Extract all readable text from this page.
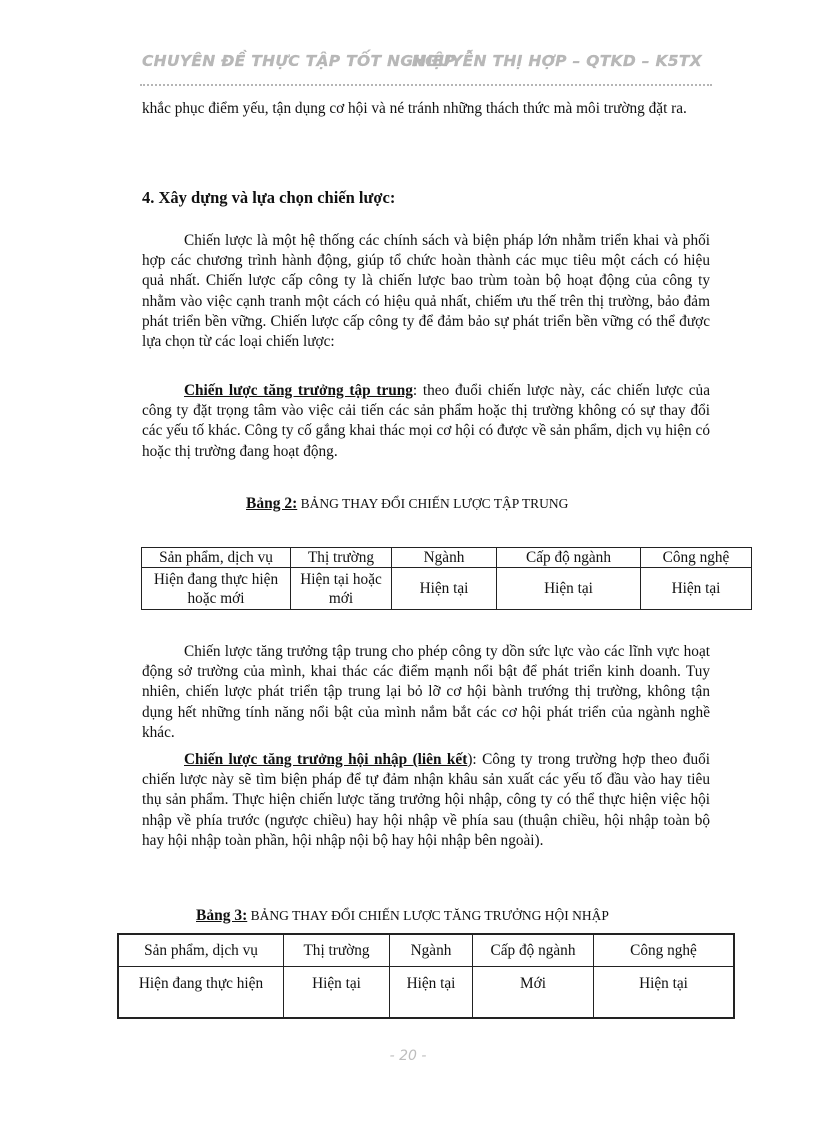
CHUYÊN ĐỀ THỰC TẬP TỐT NGHIỆP
NGUYỄN THỊ HỢP – QTKD – K5TX
khắc phục điểm yếu, tận dụng cơ hội và né tránh những thách thức mà môi trường đặt ra.
4. Xây dựng và lựa chọn chiến lược:
Chiến lược là một hệ thống các chính sách và biện pháp lớn nhằm triển khai và phối hợp các chương trình hành động, giúp tổ chức hoàn thành các mục tiêu một cách có hiệu quả nhất. Chiến lược cấp công ty là chiến lược bao trùm toàn bộ hoạt động của công ty nhằm vào việc cạnh tranh một cách có hiệu quả nhất, chiếm ưu thế trên thị trường, bảo đảm phát triển bền vững. Chiến lược cấp công ty để đảm bảo sự phát triển bền vững có thể được lựa chọn từ các loại chiến lược:
Chiến lược tăng trưởng tập trung: theo đuổi chiến lược này, các chiến lược của công ty đặt trọng tâm vào việc cải tiến các sản phẩm hoặc thị trường không có sự thay đổi các yếu tố khác. Công ty cố gắng khai thác mọi cơ hội có được về sản phẩm, dịch vụ hiện có hoặc thị trường đang hoạt động.
Bảng 2: BẢNG THAY ĐỔI CHIẾN LƯỢC TẬP TRUNG
Sản phẩm, dịch vụ	Thị trường	Ngành	Cấp độ ngành	Công nghệ
Hiện đang thực hiện hoặc mới	Hiện tại hoặc mới	Hiện tại	Hiện tại	Hiện tại
Chiến lược tăng trưởng tập trung cho phép công ty dồn sức lực vào các lĩnh vực hoạt động sở trường của mình, khai thác các điểm mạnh nổi bật để phát triển kinh doanh. Tuy nhiên, chiến lược phát triển tập trung lại bỏ lỡ cơ hội bành trướng thị trường, không tận dụng hết những tính năng nổi bật của mình nắm bắt các cơ hội phát triển của ngành nghề khác.
Chiến lược tăng trưởng hội nhập (liên kết): Công ty trong trường hợp theo đuổi chiến lược này sẽ tìm biện pháp để tự đảm nhận khâu sản xuất các yếu tố đầu vào hay tiêu thụ sản phẩm. Thực hiện chiến lược tăng trưởng hội nhập, công ty có thể thực hiện việc hội nhập về phía trước (ngược chiều) hay hội nhập về phía sau (thuận chiều, hội nhập toàn bộ hay hội nhập toàn phần, hội nhập nội bộ hay hội nhập bên ngoài).
Bảng 3: BẢNG THAY ĐỔI CHIẾN LƯỢC TĂNG TRƯỞNG HỘI NHẬP
Sản phẩm, dịch vụ	Thị trường	Ngành	Cấp độ ngành	Công nghệ
Hiện đang thực hiện	Hiện tại	Hiện tại	Mới	Hiện tại
- 20 -
